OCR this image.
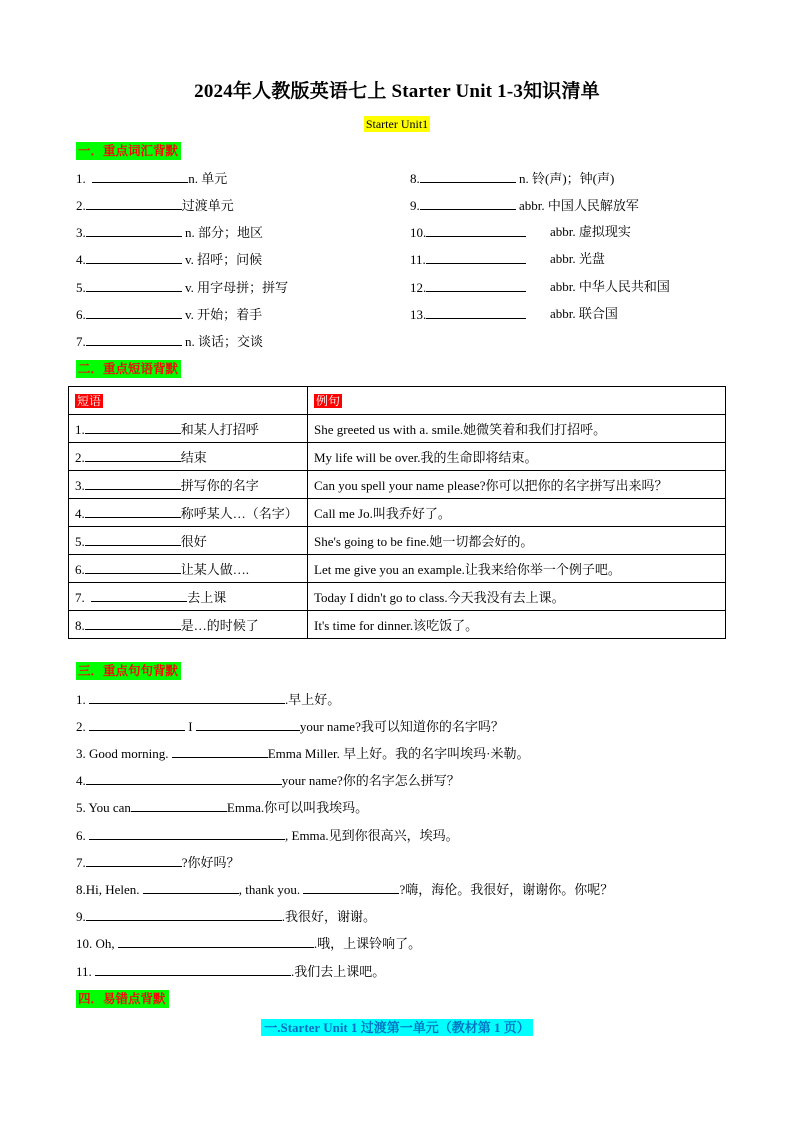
2024年人教版英语七上 Starter Unit 1-3知识清单
Starter Unit1
一．重点词汇背默
1.	n. 单元
2.	过渡单元
3.	n. 部分；地区
4.	v. 招呼；问候
5.	v. 用字母拼；拼写
6.	v. 开始；着手
7.	n. 谈话；交谈
8.	n. 铃(声)；钟(声)
9.	abbr. 中国人民解放军
10.	abbr. 虚拟现实
11.	abbr. 光盘
12.	abbr. 中华人民共和国
13.	abbr. 联合国
二．重点短语背默
短语	例句
1. 和某人打招呼	She greeted us with a. smile.她微笑着和我们打招呼。
2. 结束	My life will be over.我的生命即将结束。
3. 拼写你的名字	Can you spell your name please?你可以把你的名字拼写出来吗？
4. 称呼某人…（名字）	Call me Jo.叫我乔好了。
5. 很好	She's going to be fine.她一切都会好的。
6. 让某人做….	Let me give you an example.让我来给你举一个例子吧。
7. 去上课	Today I didn't go to class.今天我没有去上课。
8. 是…的时候了	It's time for dinner.该吃饭了。
三．重点句句背默
1.	.早上好。
2.	I	your name?我可以知道你的名字吗？
3. Good morning.	Emma Miller. 早上好。我的名字叫埃玛·米勒。
4.	your name?你的名字怎么拼写？
5. You can	Emma.你可以叫我埃玛。
6.	, Emma.见到你很高兴，埃玛。
7.	?你好吗？
8.Hi, Helen.	, thank you.	?嗨，海伦。我很好，谢谢你。你呢？
9.	.我很好，谢谢。
10. Oh,	.哦，上课铃响了。
11.	.我们去上课吧。
四．易错点背默
一.Starter Unit 1 过渡第一单元（教材第 1 页）
